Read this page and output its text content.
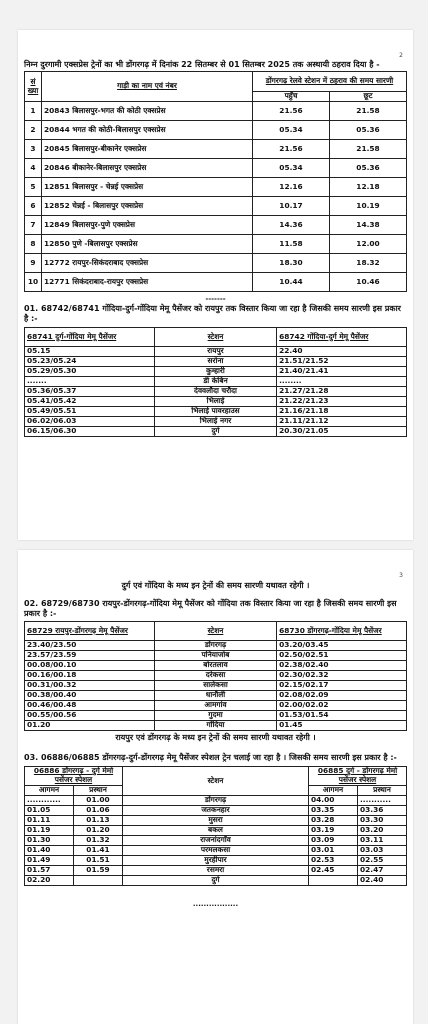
2

निम्न दुरगामी एक्सप्रेस ट्रेनों का भी डोंगरगढ़ में दिनांक 22 सितम्बर से 01 सितम्बर 2025 तक अस्थायी ठहराव दिया है -

सं ख्या	गाड़ी का नाम एवं नंबर	डोंगरगढ़ रेलवे स्टेशन में ठहराव की समय सारणी	
		पहुँच	छूट
1	20843 बिलासपुर-भगत की कोठी एक्सप्रेस	21.56	21.58
2	20844 भगत की कोठी-बिलासपुर एक्सप्रेस	05.34	05.36
3	20845 बिलासपुर-बीकानेर एक्सप्रेस	21.56	21.58
4	20846 बीकानेर-बिलासपुर एक्सप्रेस	05.34	05.36
5	12851 बिलासपुर - चेन्नई एक्सप्रेस	12.16	12.18
6	12852 चेन्नई - बिलासपुर एक्सप्रेस	10.17	10.19
7	12849 बिलासपुर-पुणे एक्सप्रेस	14.36	14.38
8	12850 पुणे -बिलासपुर एक्सप्रेस	11.58	12.00
9	12772 रायपुर-सिकंदराबाद एक्सप्रेस	18.30	18.32
10	12771 सिकंदराबाद-रायपुर एक्सप्रेस	10.44	10.46
-------

01. 68742/68741 गोंदिया-दुर्ग-गोंदिया मेमू पैसेंजर को रायपुर तक विस्तार किया जा रहा है जिसकी समय सारणी इस प्रकार है :-

68741 दुर्ग-गोंदिया मेमू पैसेंजर	स्टेशन	68742 गोंदिया-दुर्ग मेमू पैसेंजर
05.15	रायपुर	22.40
05.23/05.24	सरोना	21.51/21.52
05.29/05.30	कुम्हारी	21.40/21.41
.......	डी केबिन	........
05.36/05.37	देववलौदा चरौदा	21.27/21.28
05.41/05.42	भिलाई	21.22/21.23
05.49/05.51	भिलाई पावरहाउस	21.16/21.18
06.02/06.03	भिलाई नगर	21.11/21.12
06.15/06.30	दुर्ग	20.30/21.05
3

दुर्ग एवं गोंदिया के मध्य इन ट्रेनों की समय सारणी यथावत रहेगी ।

02. 68729/68730 रायपुर-डोंगरगढ़-गोंदिया मेमू पैसेंजर को गोंदिया तक विस्तार किया जा रहा है जिसकी समय सारणी इस प्रकार है :-

68729 रायपुर-डोंगरगढ़ मेमू पैसेंजर	स्टेशन	68730 डोंगरगढ़-गोंदिया मेमू पैसेंजर
23.40/23.50	डोंगरगढ़	03.20/03.45
23.57/23.59	पनियाजोब	02.50/02.51
00.08/00.10	बोरतलाव	02.38/02.40
00.16/00.18	दरेकसा	02.30/02.32
00.31/00.32	सालेकसा	02.15/02.17
00.38/00.40	धानौली	02.08/02.09
00.46/00.48	आमगांव	02.00/02.02
00.55/00.56	गुदमा	01.53/01.54
01.20	गोंदिया	01.45

रायपुर एवं डोंगरगढ़ के मध्य इन ट्रेनों की समय सारणी यथावत रहेगी ।

03. 06886/06885 डोंगरगढ़-दुर्ग-डोंगरगढ़ मेमू पैसेंजर स्पेशल ट्रेन चलाई जा रहा है । जिसकी समय सारणी इस प्रकार है :-

06886 डोंगरगढ़ - दुर्ग मेमो पसेंजर स्पेशल		स्टेशन	06885 दुर्ग - डोंगरगढ़ मेमो पसेंजर स्पेशल	
आगमन	प्रस्थान		आगमन	प्रस्थान
............	01.00	डोंगरगढ़	04.00	...........
01.05	01.06	जतकनहार	03.35	03.36
01.11	01.13	मुसरा	03.28	03.30
01.19	01.20	बकल	03.19	03.20
01.30	01.32	राजनांदगाँव	03.09	03.11
01.40	01.41	परमलकसा	03.01	03.03
01.49	01.51	मुरहीपार	02.53	02.55
01.57	01.59	रसमरा	02.45	02.47
02.20		दुर्ग		02.40
.................
